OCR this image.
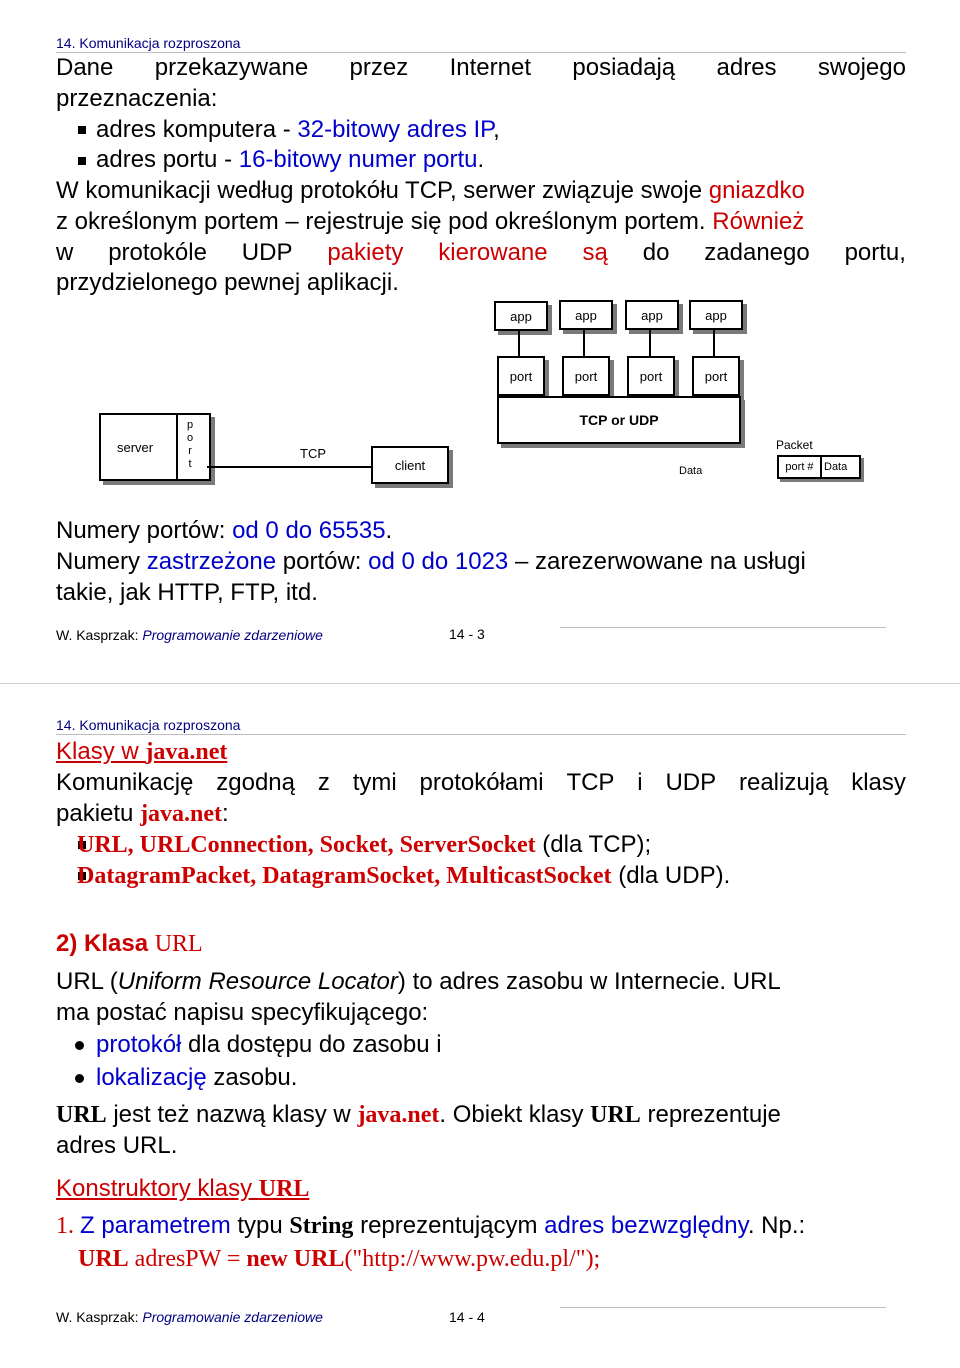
14. Komunikacja rozproszona
Dane przekazywane przez Internet posiadają adres swojego
przeznaczenia:
adres komputera - 32-bitowy adres IP,
adres portu - 16-bitowy numer portu.
W komunikacji według protokółu TCP, serwer związuje swoje gniazdko
z określonym portem – rejestruje się pod określonym portem. Również
w protokóle UDP pakiety kierowane są do zadanego portu,
przydzielonego pewnej aplikacji.
app	app	app	app
port	port	port	port
TCP or UDP
server
p
o
r
t
TCP
client
Packet
port # Data
Data
Numery portów: od 0 do 65535.
Numery zastrzeżone portów: od 0 do 1023 – zarezerwowane na usługi
takie, jak HTTP, FTP, itd.
W. Kasprzak: Programowanie zdarzeniowe	14 - 3
14. Komunikacja rozproszona
Klasy w java.net
Komunikację zgodną z tymi protokółami TCP i UDP realizują klasy
pakietu java.net:
URL, URLConnection, Socket, ServerSocket (dla TCP);
DatagramPacket, DatagramSocket, MulticastSocket (dla UDP).
2) Klasa URL
URL (Uniform Resource Locator) to adres zasobu w Internecie. URL
ma postać napisu specyfikującego:
protokół dla dostępu do zasobu i
lokalizację zasobu.
URL jest też nazwą klasy w java.net. Obiekt klasy URL reprezentuje
adres URL.
Konstruktory klasy URL
1. Z parametrem typu String reprezentującym adres bezwzględny. Np.:
URL adresPW = new URL("http://www.pw.edu.pl/");
W. Kasprzak: Programowanie zdarzeniowe	14 - 4
